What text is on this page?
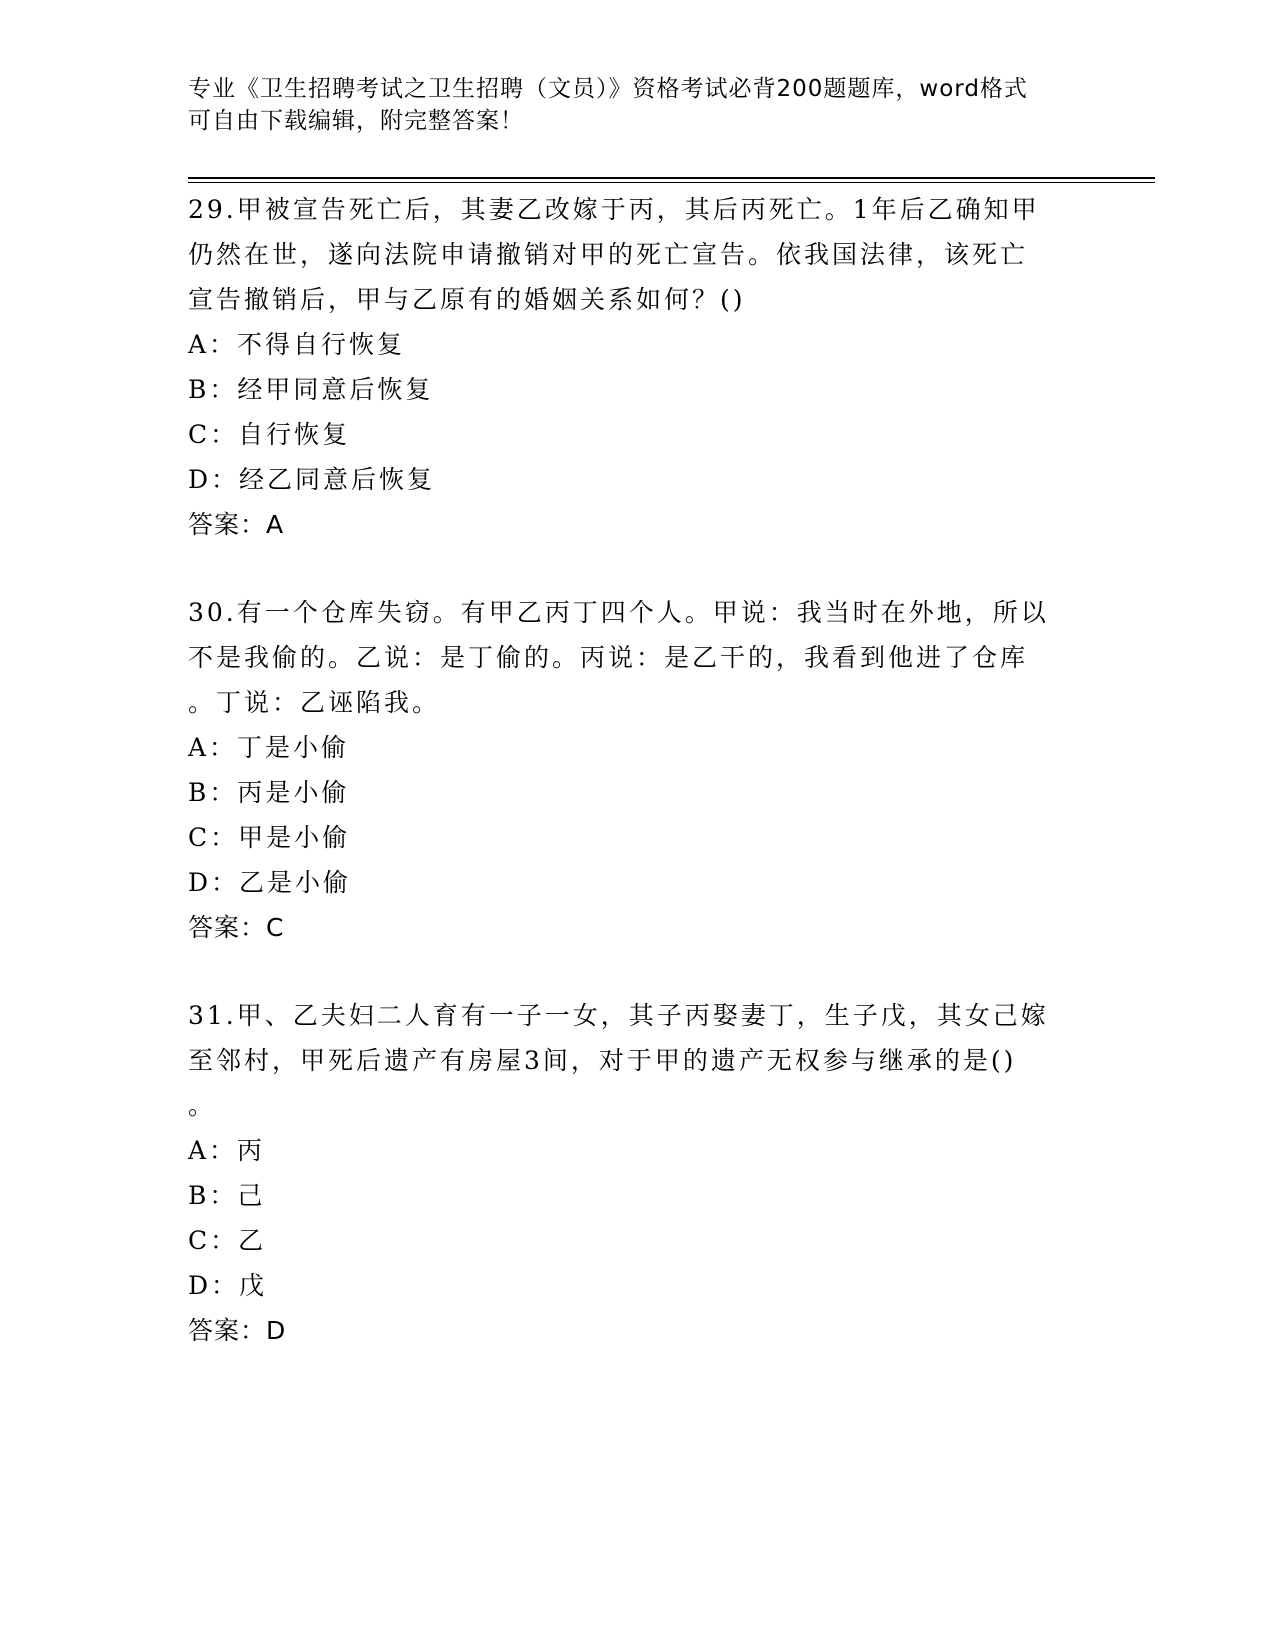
专业《卫生招聘考试之卫生招聘（文员）》资格考试必背200题题库，word格式
可自由下载编辑，附完整答案！
29.甲被宣告死亡后，其妻乙改嫁于丙，其后丙死亡。1年后乙确知甲
仍然在世，遂向法院申请撤销对甲的死亡宣告。依我国法律，该死亡
宣告撤销后，甲与乙原有的婚姻关系如何？()
A：不得自行恢复
B：经甲同意后恢复
C：自行恢复
D：经乙同意后恢复
答案：A
30.有一个仓库失窃。有甲乙丙丁四个人。甲说：我当时在外地，所以
不是我偷的。乙说：是丁偷的。丙说：是乙干的，我看到他进了仓库
。丁说：乙诬陷我。
A：丁是小偷
B：丙是小偷
C：甲是小偷
D：乙是小偷
答案：C
31.甲、乙夫妇二人育有一子一女，其子丙娶妻丁，生子戊，其女己嫁
至邻村，甲死后遗产有房屋3间，对于甲的遗产无权参与继承的是()
。
A：丙
B：己
C：乙
D：戊
答案：D
